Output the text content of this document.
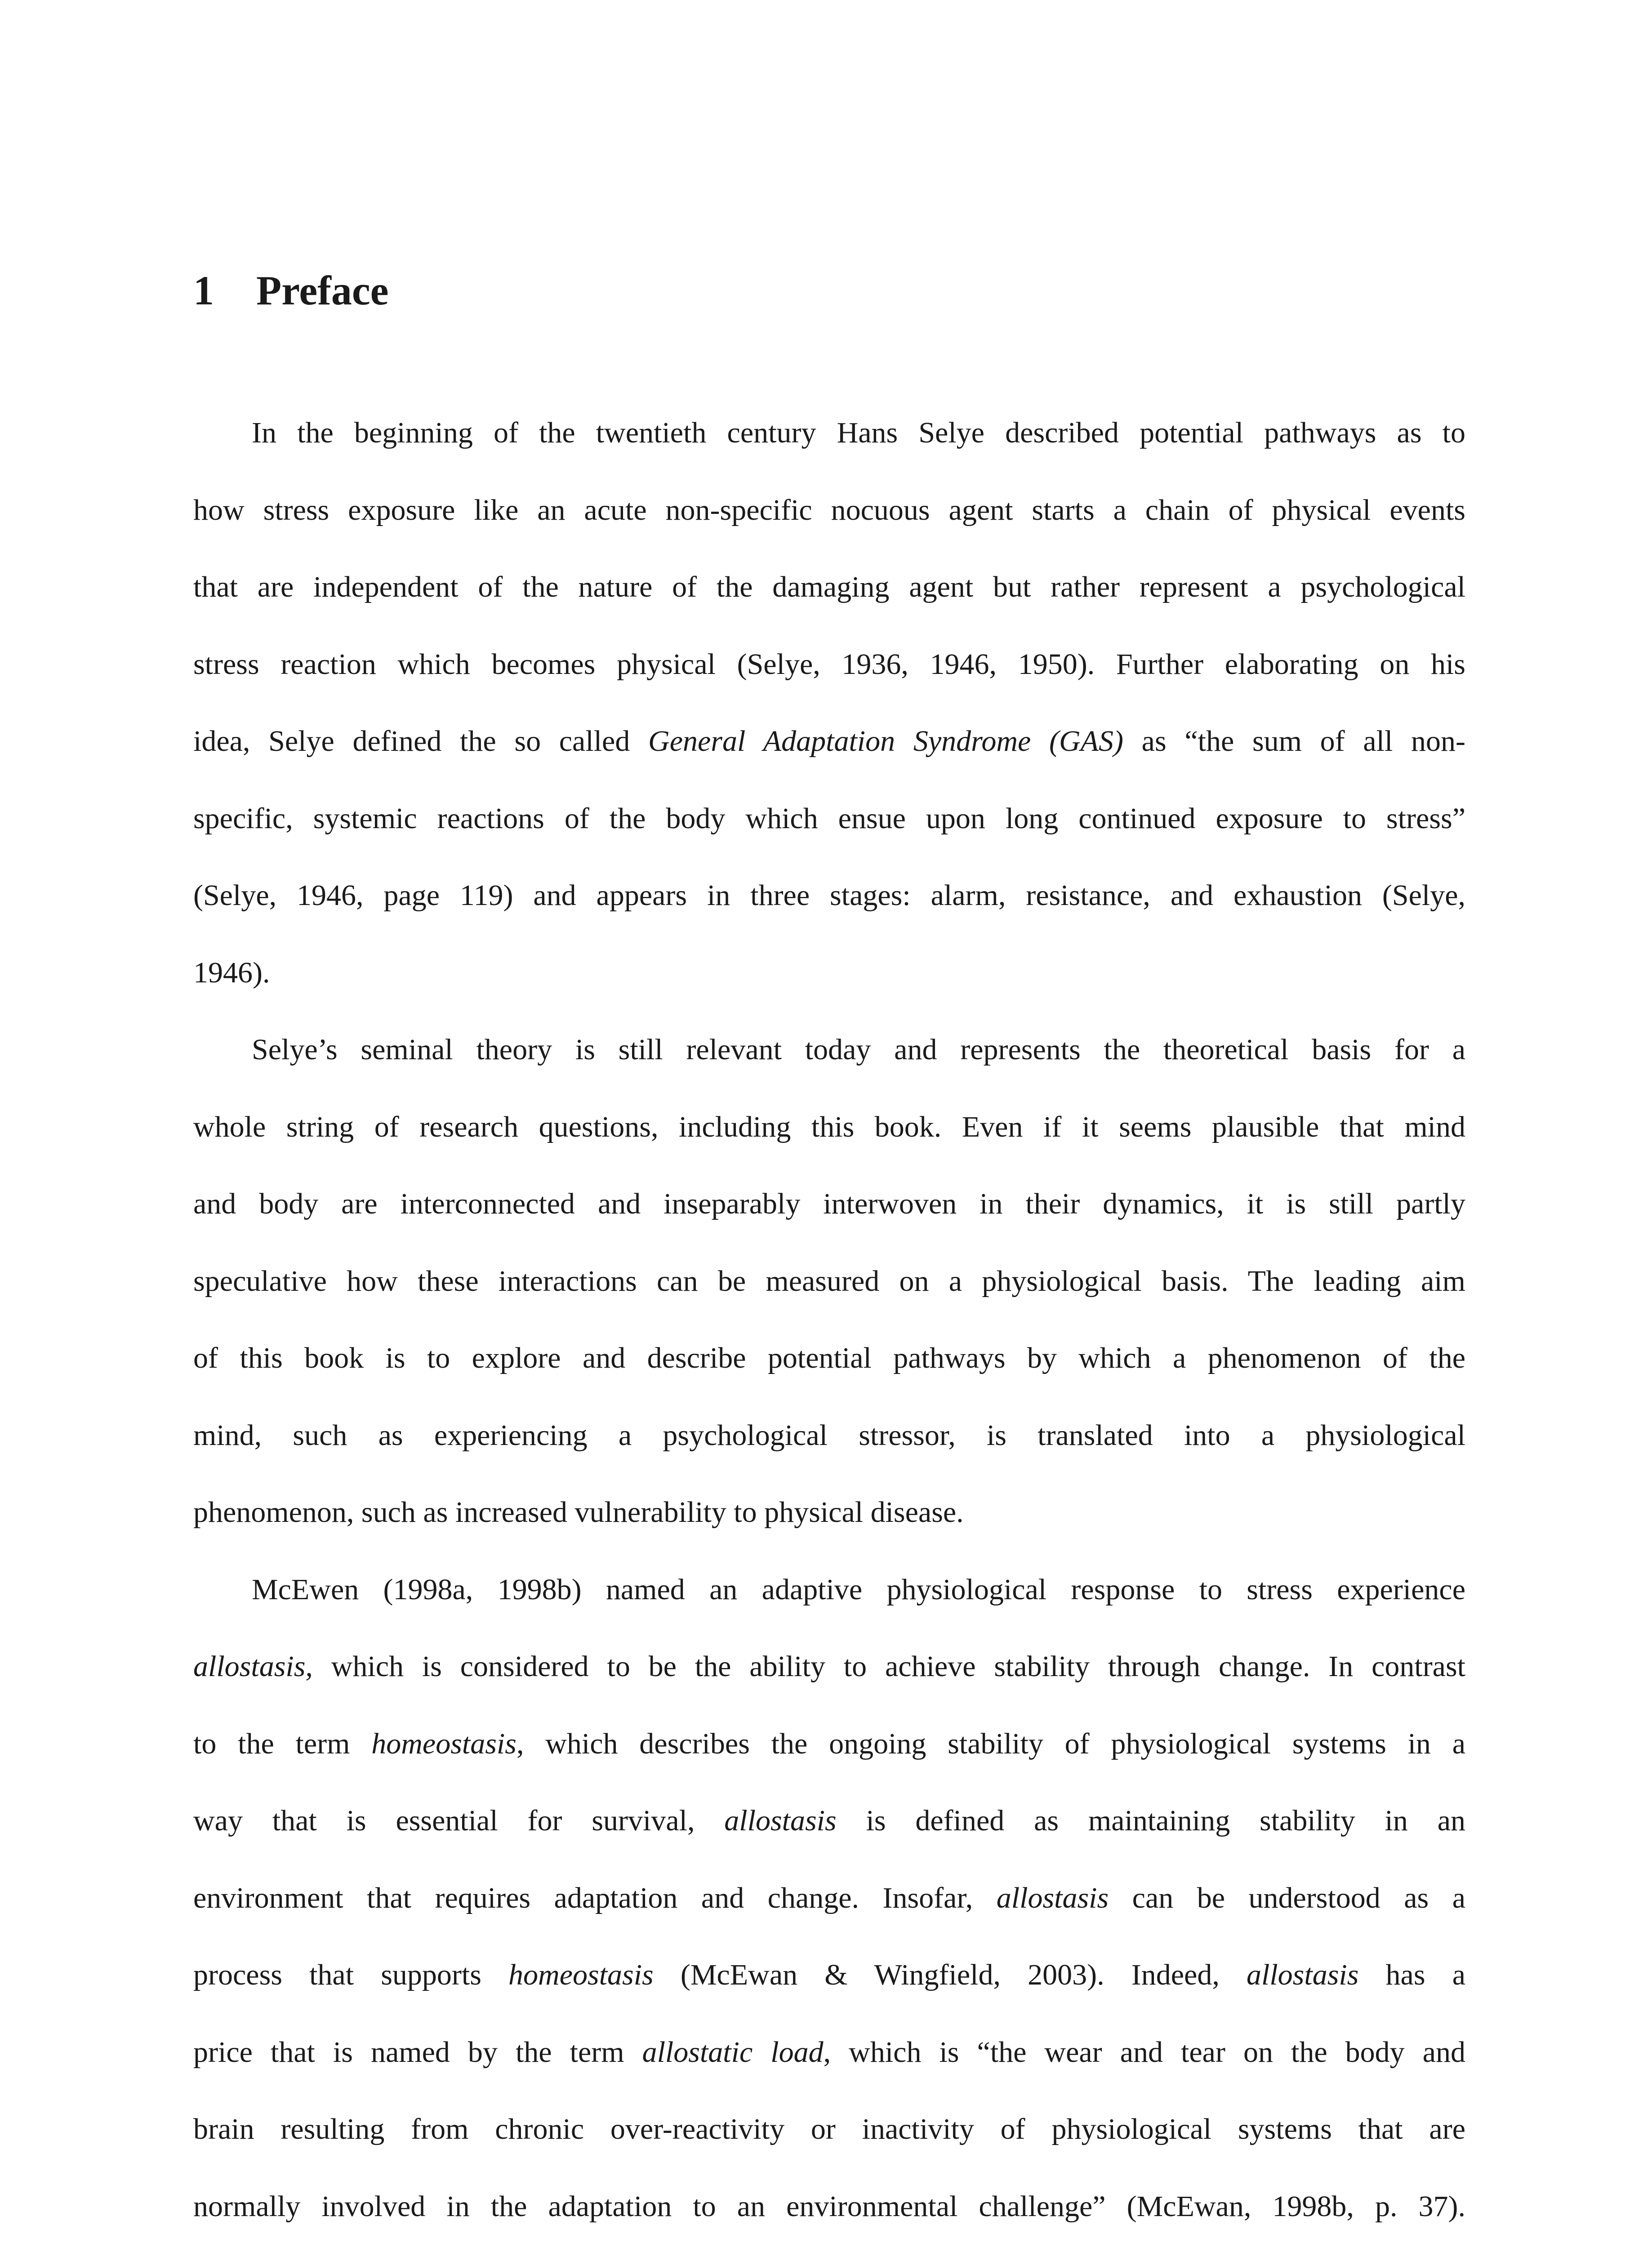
1 Preface
In the beginning of the twentieth century Hans Selye described potential pathways as to
how stress exposure like an acute non-specific nocuous agent starts a chain of physical events
that are independent of the nature of the damaging agent but rather represent a psychological
stress reaction which becomes physical (Selye, 1936, 1946, 1950). Further elaborating on his
idea, Selye defined the so called General Adaptation Syndrome (GAS) as “the sum of all non-
specific, systemic reactions of the body which ensue upon long continued exposure to stress”
(Selye, 1946, page 119) and appears in three stages: alarm, resistance, and exhaustion (Selye,
1946).
Selye’s seminal theory is still relevant today and represents the theoretical basis for a
whole string of research questions, including this book. Even if it seems plausible that mind
and body are interconnected and inseparably interwoven in their dynamics, it is still partly
speculative how these interactions can be measured on a physiological basis. The leading aim
of this book is to explore and describe potential pathways by which a phenomenon of the
mind, such as experiencing a psychological stressor, is translated into a physiological
phenomenon, such as increased vulnerability to physical disease.
McEwen (1998a, 1998b) named an adaptive physiological response to stress experience
allostasis, which is considered to be the ability to achieve stability through change. In contrast
to the term homeostasis, which describes the ongoing stability of physiological systems in a
way that is essential for survival, allostasis is defined as maintaining stability in an
environment that requires adaptation and change. Insofar, allostasis can be understood as a
process that supports homeostasis (McEwan & Wingfield, 2003). Indeed, allostasis has a
price that is named by the term allostatic load, which is “the wear and tear on the body and
brain resulting from chronic over-reactivity or inactivity of physiological systems that are
normally involved in the adaptation to an environmental challenge” (McEwan, 1998b, p. 37).
